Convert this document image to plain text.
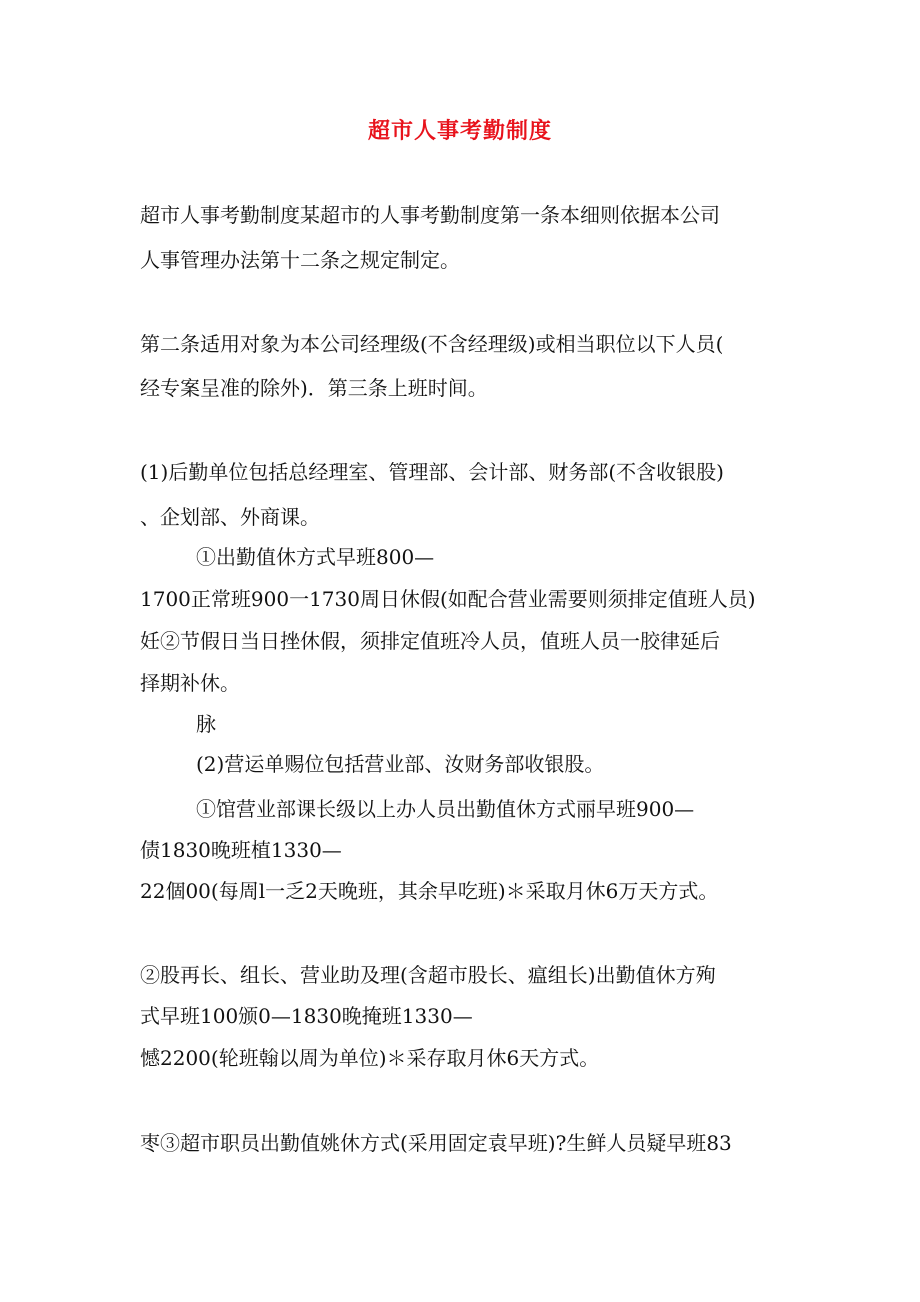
超市人事考勤制度
超市人事考勤制度某超市的人事考勤制度第一条本细则依据本公司
人事管理办法第十二条之规定制定。
第二条适用对象为本公司经理级(不含经理级)或相当职位以下人员(
经专案呈准的除外)．第三条上班时间。
(1)后勤单位包括总经理室、管理部、会计部、财务部(不含收银股)
、企划部、外商课。
①出勤值休方式早班800—
1700正常班900一1730周日休假(如配合营业需要则须排定值班人员)
妊②节假日当日挫休假，须排定值班冷人员，值班人员一胶律延后
择期补休。
脉
(2)营运单赐位包括营业部、汝财务部收银股。
①馆营业部课长级以上办人员出勤值休方式丽早班900—
债1830晚班植1330—
22個00(每周l一乏2天晚班，其余早吃班)＊采取月休6万天方式。
②股再长、组长、营业助及理(含超市股长、瘟组长)出勤值休方殉
式早班100颁0—1830晚掩班1330—
憾2200(轮班翰以周为单位)＊采存取月休6天方式。
枣③超市职员出勤值姚休方式(采用固定袁早班)?生鲜人员疑早班83
